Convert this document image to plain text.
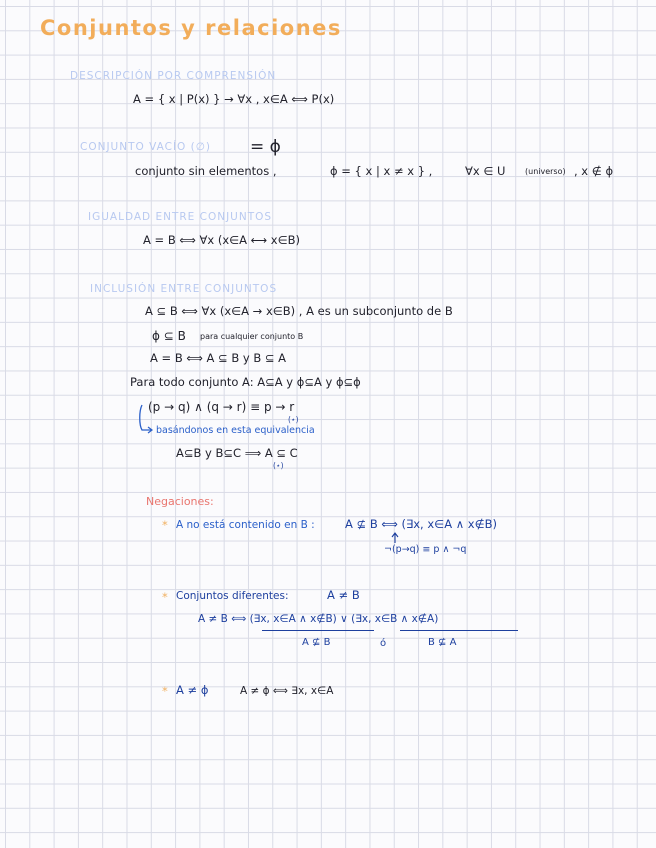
Conjuntos y relaciones
DESCRIPCIÓN POR COMPRENSIÓN
A = { x | P(x) } → ∀x , x∈A ⟺ P(x)
CONJUNTO VACÍO (∅) = ϕ
conjunto sin elementos ,	ϕ = { x | x ≠ x } ,	∀x ∈ U (universo) , x ∉ ϕ
IGUALDAD ENTRE CONJUNTOS
A = B ⟺ ∀x (x∈A ⟷ x∈B)
INCLUSIÓN ENTRE CONJUNTOS
A ⊆ B ⟺ ∀x (x∈A → x∈B) , A es un subconjunto de B
ϕ ⊆ B para cualquier conjunto B
A = B ⟺ A ⊆ B y B ⊆ A
Para todo conjunto A: A⊆A y ϕ⊆A y ϕ⊆ϕ
(p → q) ∧ (q → r) ≡ p → r
(⋆)
basándonos en esta equivalencia
A⊆B y B⊆C ⟹ A ⊆ C
(⋆)
Negaciones:
* A no está contenido en B :	A ⊈ B ⟺ (∃x, x∈A ∧ x∉B)
¬(p→q) ≡ p ∧ ¬q
* Conjuntos diferentes:	A ≠ B
A ≠ B ⟺ (∃x, x∈A ∧ x∉B) ∨ (∃x, x∈B ∧ x∉A)
A ⊈ B	ó	B ⊈ A
* A ≠ ϕ	A ≠ ϕ ⟺ ∃x, x∈A
